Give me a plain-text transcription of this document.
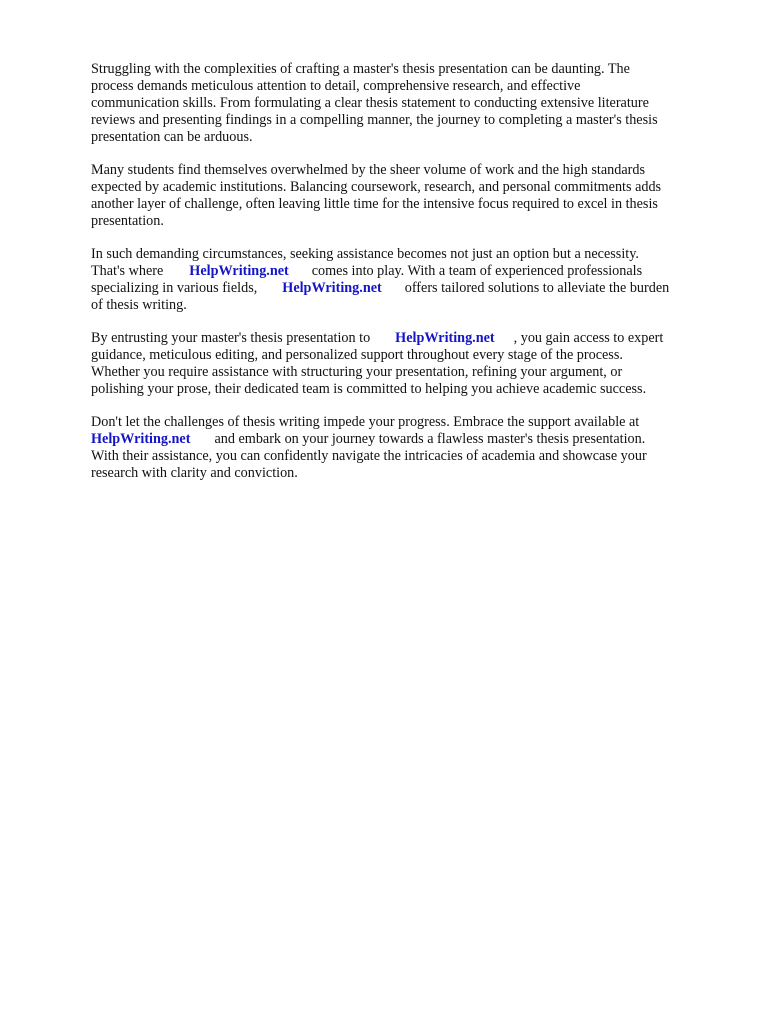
Struggling with the complexities of crafting a master's thesis presentation can be daunting. The
process demands meticulous attention to detail, comprehensive research, and effective
communication skills. From formulating a clear thesis statement to conducting extensive literature
reviews and presenting findings in a compelling manner, the journey to completing a master's thesis
presentation can be arduous.

Many students find themselves overwhelmed by the sheer volume of work and the high standards
expected by academic institutions. Balancing coursework, research, and personal commitments adds
another layer of challenge, often leaving little time for the intensive focus required to excel in thesis
presentation.

In such demanding circumstances, seeking assistance becomes not just an option but a necessity.
That's where HelpWriting.net comes into play. With a team of experienced professionals
specializing in various fields, HelpWriting.net offers tailored solutions to alleviate the burden
of thesis writing.

By entrusting your master's thesis presentation to HelpWriting.net , you gain access to expert
guidance, meticulous editing, and personalized support throughout every stage of the process.
Whether you require assistance with structuring your presentation, refining your argument, or
polishing your prose, their dedicated team is committed to helping you achieve academic success.

Don't let the challenges of thesis writing impede your progress. Embrace the support available at
HelpWriting.net and embark on your journey towards a flawless master's thesis presentation.
With their assistance, you can confidently navigate the intricacies of academia and showcase your
research with clarity and conviction.
